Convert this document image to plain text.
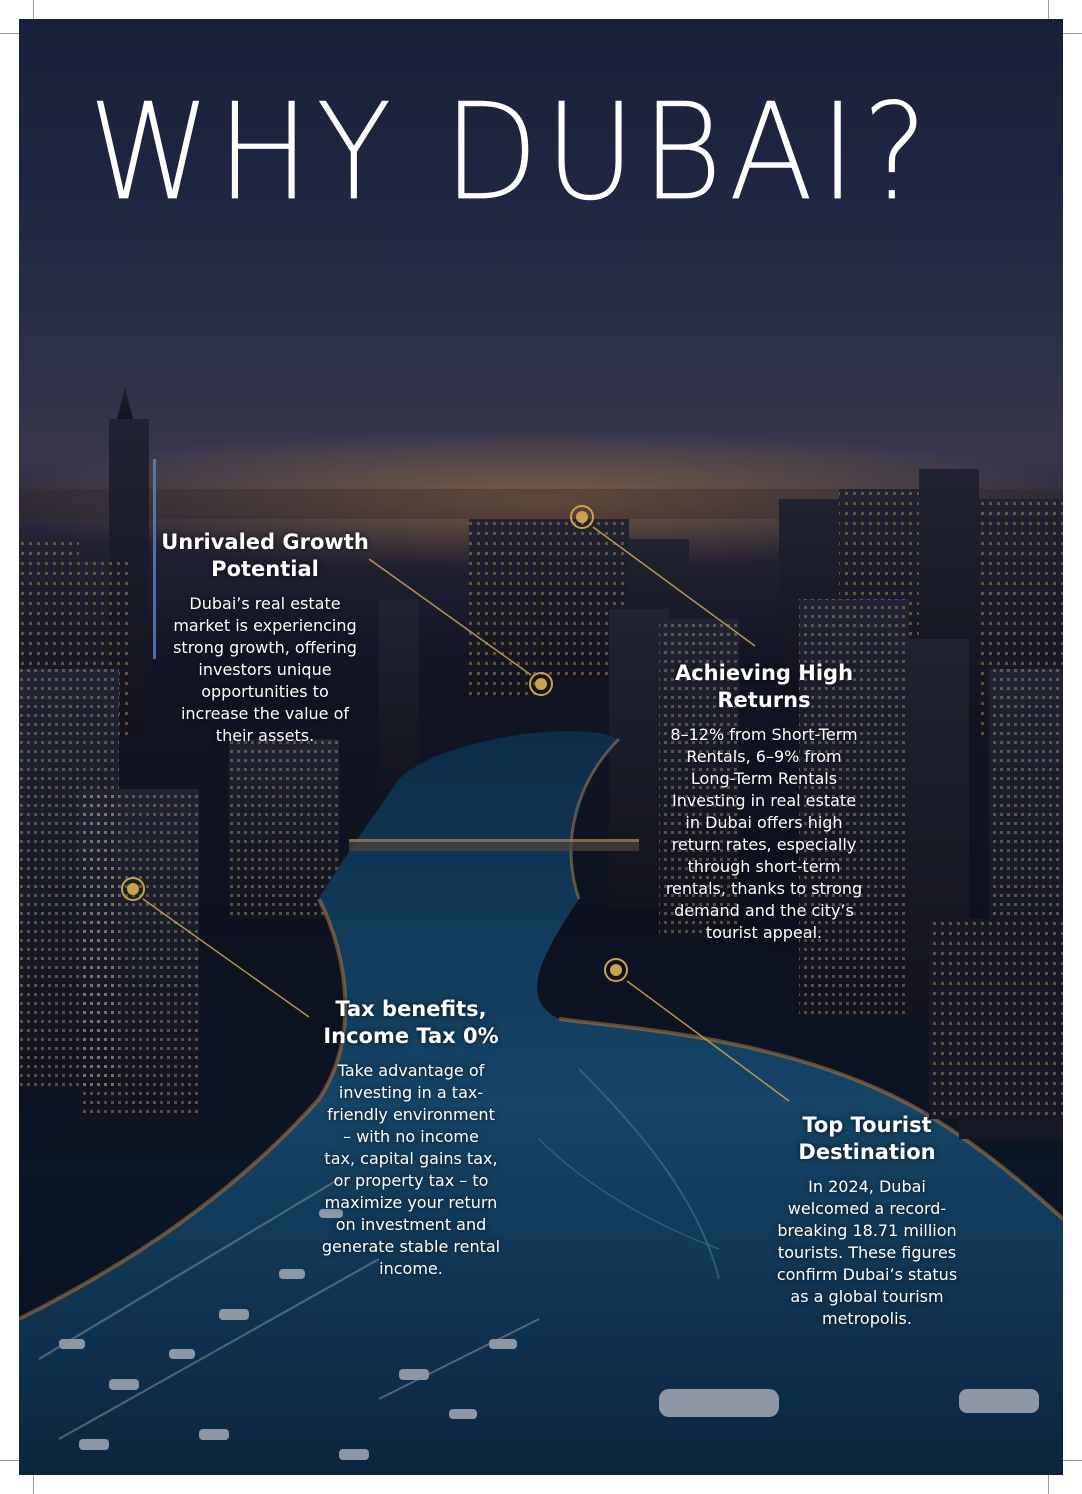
WHY DUBAI?
Unrivaled Growth
Potential

Dubai’s real estate
market is experiencing
strong growth, offering
investors unique
opportunities to
increase the value of
their assets.

Achieving High
Returns

8–12% from Short-Term
Rentals, 6–9% from
Long-Term Rentals
Investing in real estate
in Dubai offers high
return rates, especially
through short-term
rentals, thanks to strong
demand and the city’s
tourist appeal.

Tax benefits,
Income Tax 0%

Take advantage of
investing in a tax-
friendly environment
– with no income
tax, capital gains tax,
or property tax – to
maximize your return
on investment and
generate stable rental
income.

Top Tourist
Destination

In 2024, Dubai
welcomed a record-
breaking 18.71 million
tourists. These figures
confirm Dubai’s status
as a global tourism
metropolis.
